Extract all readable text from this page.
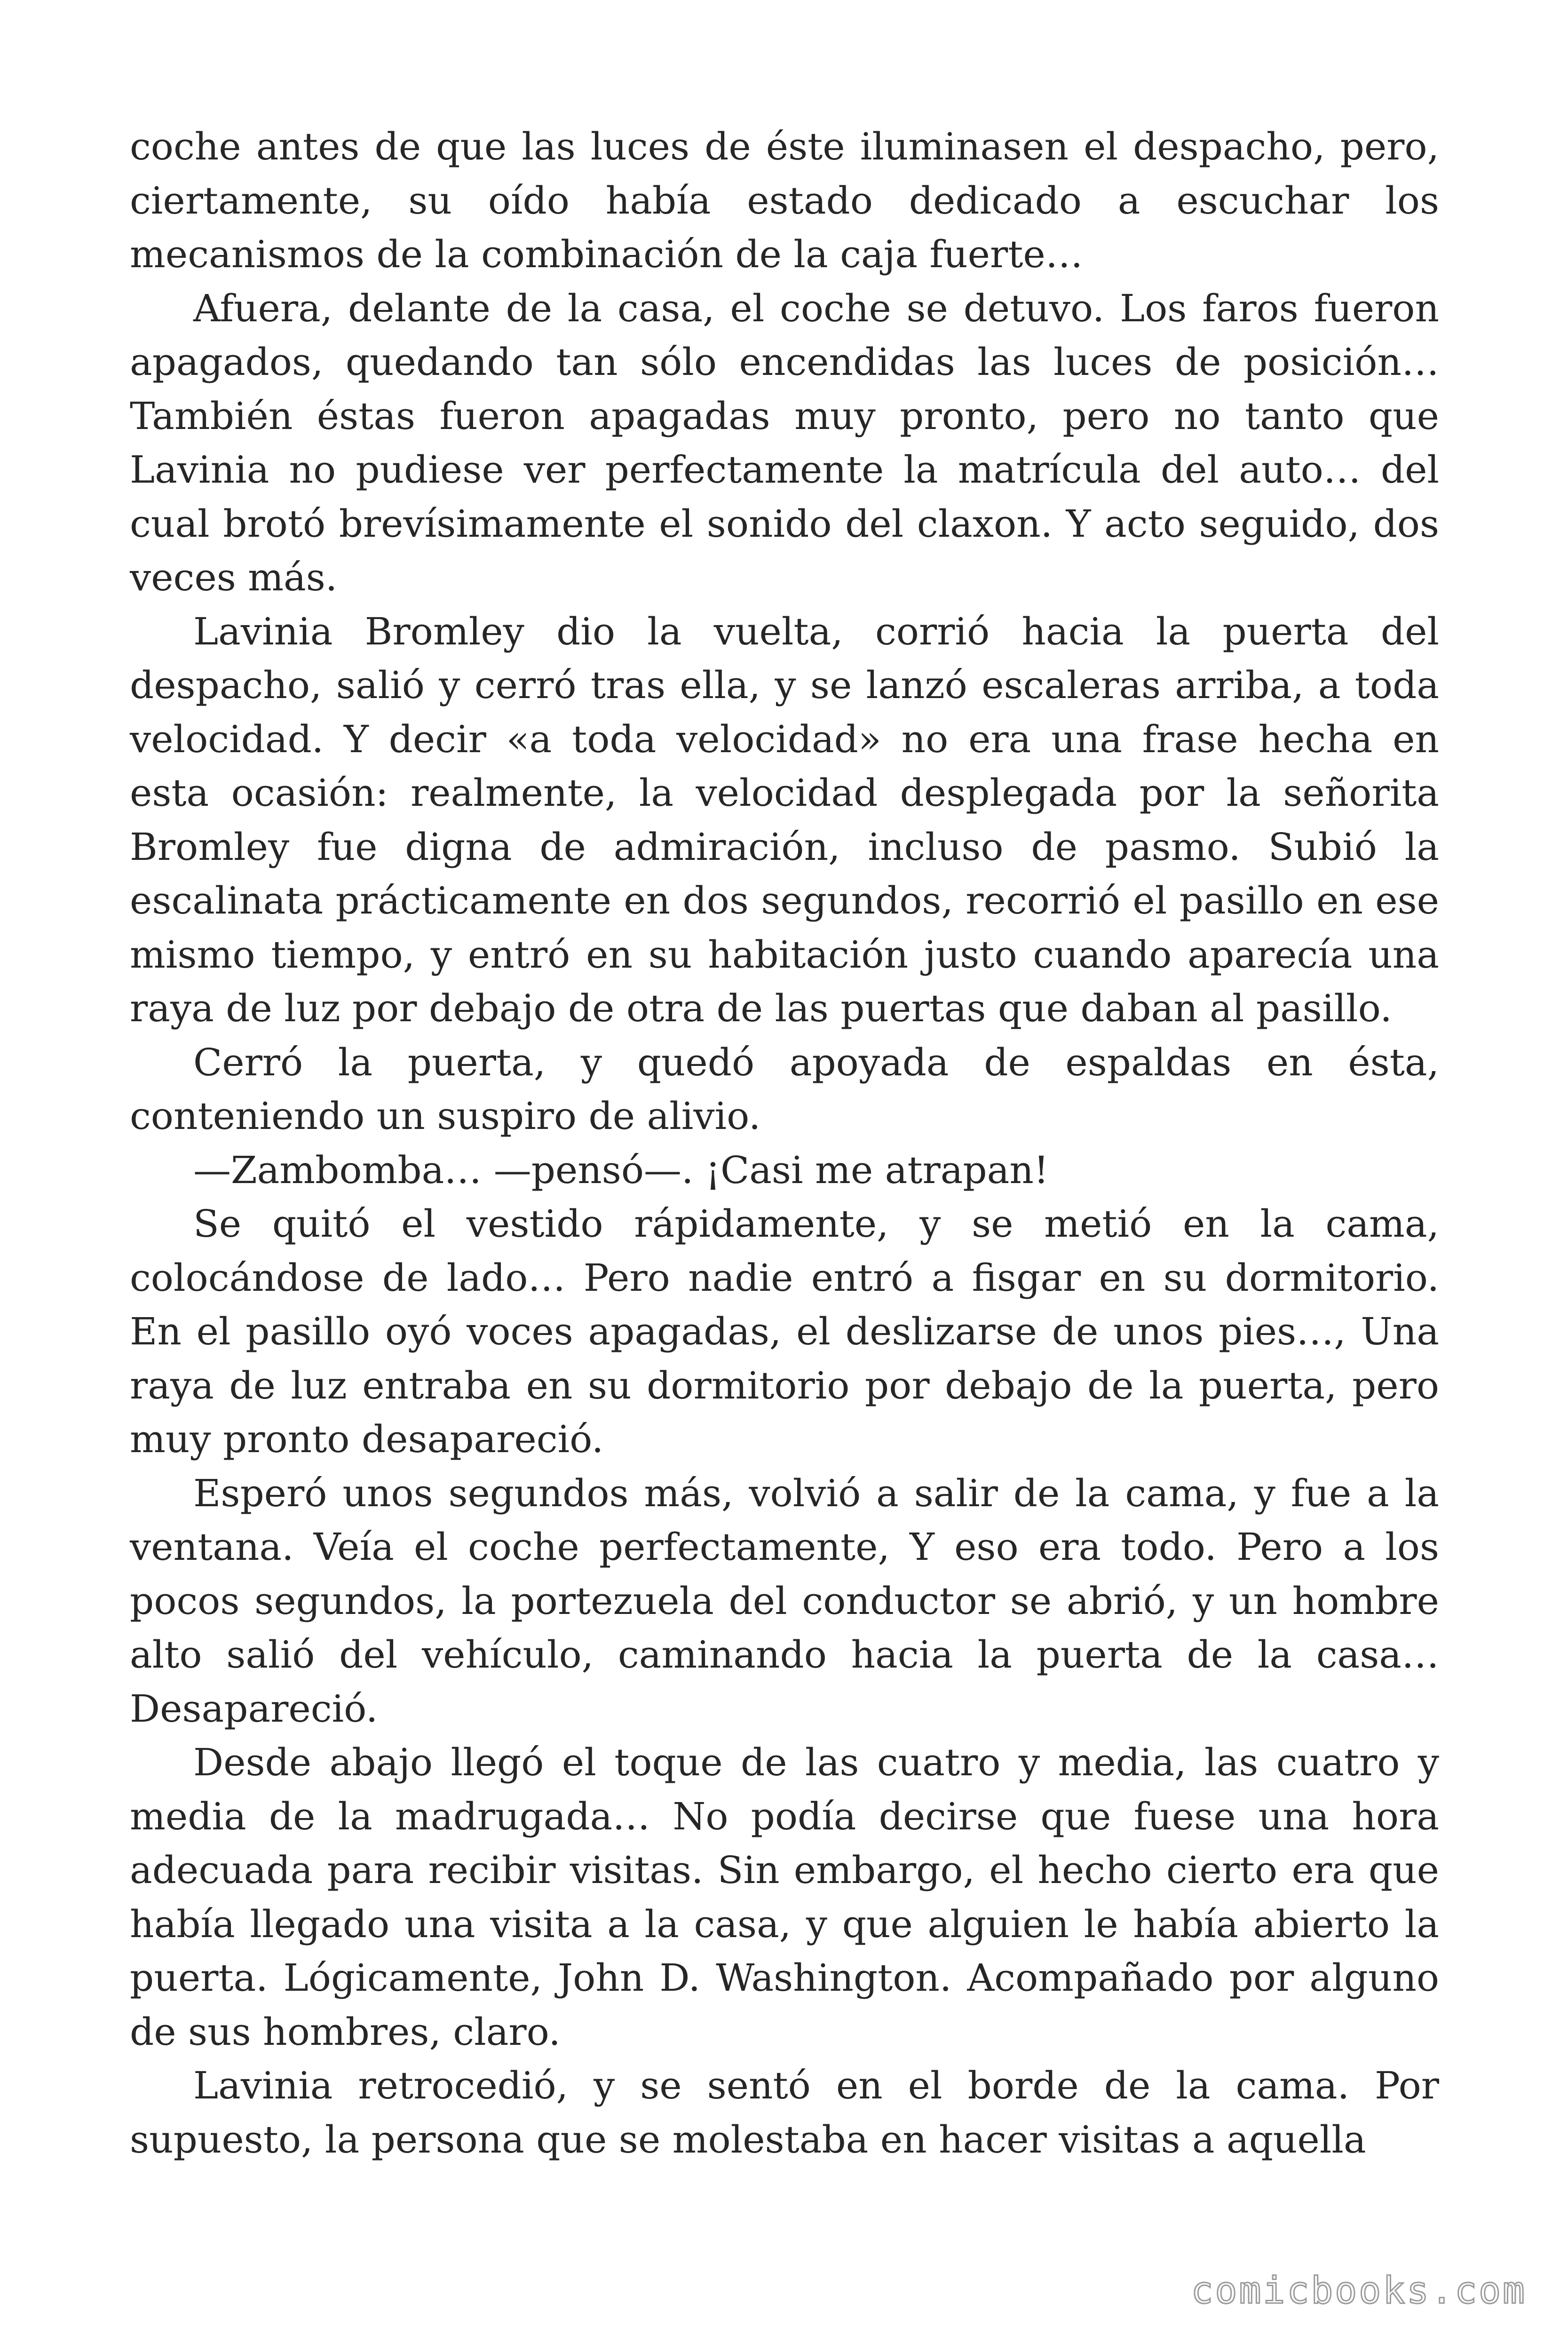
coche antes de que las luces de éste iluminasen el despacho, pero, ciertamente, su oído había estado dedicado a escuchar los mecanismos de la combinación de la caja fuerte…

Afuera, delante de la casa, el coche se detuvo. Los faros fueron apagados, quedando tan sólo encendidas las luces de posición… También éstas fueron apagadas muy pronto, pero no tanto que Lavinia no pudiese ver perfectamente la matrícula del auto… del cual brotó brevísimamente el sonido del claxon. Y acto seguido, dos veces más.

Lavinia Bromley dio la vuelta, corrió hacia la puerta del despacho, salió y cerró tras ella, y se lanzó escaleras arriba, a toda velocidad. Y decir «a toda velocidad» no era una frase hecha en esta ocasión: realmente, la velocidad desplegada por la señorita Bromley fue digna de admiración, incluso de pasmo. Subió la escalinata prácticamente en dos segundos, recorrió el pasillo en ese mismo tiempo, y entró en su habitación justo cuando aparecía una raya de luz por debajo de otra de las puertas que daban al pasillo.

Cerró la puerta, y quedó apoyada de espaldas en ésta, conteniendo un suspiro de alivio.

—Zambomba… —pensó—. ¡Casi me atrapan!

Se quitó el vestido rápidamente, y se metió en la cama, colocándose de lado… Pero nadie entró a fisgar en su dormitorio. En el pasillo oyó voces apagadas, el deslizarse de unos pies…, Una raya de luz entraba en su dormitorio por debajo de la puerta, pero muy pronto desapareció.

Esperó unos segundos más, volvió a salir de la cama, y fue a la ventana. Veía el coche perfectamente, Y eso era todo. Pero a los pocos segundos, la portezuela del conductor se abrió, y un hombre alto salió del vehículo, caminando hacia la puerta de la casa… Desapareció.

Desde abajo llegó el toque de las cuatro y media, las cuatro y media de la madrugada… No podía decirse que fuese una hora adecuada para recibir visitas. Sin embargo, el hecho cierto era que había llegado una visita a la casa, y que alguien le había abierto la puerta. Lógicamente, John D. Washington. Acompañado por alguno de sus hombres, claro.

Lavinia retrocedió, y se sentó en el borde de la cama. Por supuesto, la persona que se molestaba en hacer visitas a aquella

comicbooks.com
